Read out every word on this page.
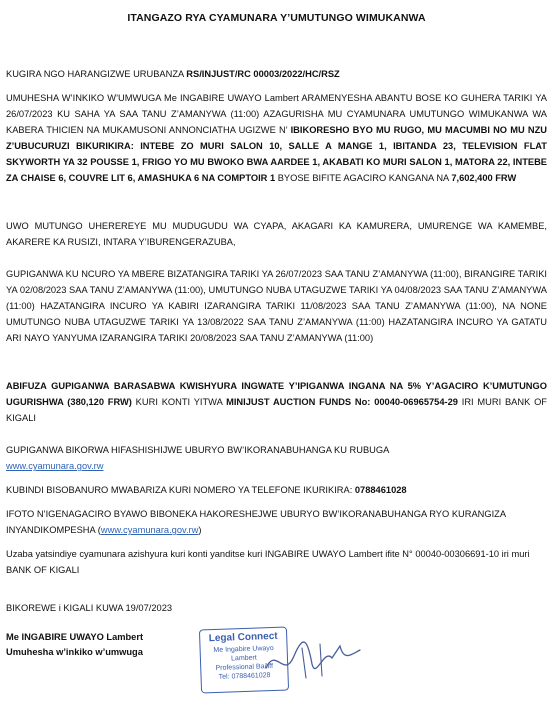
ITANGAZO RYA CYAMUNARA Y’UMUTUNGO WIMUKANWA

KUGIRA NGO HARANGIZWE URUBANZA RS/INJUST/RC 00003/2022/HC/RSZ

UMUHESHA W’INKIKO W’UMWUGA Me INGABIRE UWAYO Lambert ARAMENYESHA ABANTU BOSE KO GUHERA TARIKI YA 26/07/2023 KU SAHA YA SAA TANU Z’AMANYWA (11:00) AZAGURISHA MU CYAMUNARA UMUTUNGO WIMUKANWA WA KABERA THICIEN NA MUKAMUSONI ANNONCIATHA UGIZWE N’ IBIKORESHO BYO MU RUGO, MU MACUMBI NO MU NZU Z’UBUCURUZI BIKURIKIRA: INTEBE ZO MURI SALON 10, SALLE A MANGE 1, IBITANDA 23, TELEVISION FLAT SKYWORTH YA 32 POUSSE 1, FRIGO YO MU BWOKO BWA AARDEE 1, AKABATI KO MURI SALON 1, MATORA 22, INTEBE ZA CHAISE 6, COUVRE LIT 6, AMASHUKA 6 NA COMPTOIR 1 BYOSE BIFITE AGACIRO KANGANA NA 7,602,400 FRW

UWO MUTUNGO UHEREREYE MU MUDUGUDU WA CYAPA, AKAGARI KA KAMURERA, UMURENGE WA KAMEMBE, AKARERE KA RUSIZI, INTARA Y’IBURENGERAZUBA,

GUPIGANWA KU NCURO YA MBERE BIZATANGIRA TARIKI YA 26/07/2023 SAA TANU Z’AMANYWA (11:00), BIRANGIRE TARIKI YA 02/08/2023 SAA TANU Z’AMANYWA (11:00), UMUTUNGO NUBA UTAGUZWE TARIKI YA 04/08/2023 SAA TANU Z’AMANYWA (11:00) HAZATANGIRA INCURO YA KABIRI IZARANGIRA TARIKI 11/08/2023 SAA TANU Z’AMANYWA (11:00), NA NONE UMUTUNGO NUBA UTAGUZWE TARIKI YA 13/08/2022 SAA TANU Z’AMANYWA (11:00) HAZATANGIRA INCURO YA GATATU ARI NAYO YANYUMA IZARANGIRA TARIKI 20/08/2023 SAA TANU Z’AMANYWA (11:00)

ABIFUZA GUPIGANWA BARASABWA KWISHYURA INGWATE Y’IPIGANWA INGANA NA 5% Y’AGACIRO K’UMUTUNGO UGURISHWA (380,120 FRW) KURI KONTI YITWA MINIJUST AUCTION FUNDS No: 00040-06965754-29 IRI MURI BANK OF KIGALI

GUPIGANWA BIKORWA HIFASHISHIJWE UBURYO BW’IKORANABUHANGA KU RUBUGA
www.cyamunara.gov.rw

KUBINDI BISOBANURO MWABARIZA KURI NOMERO YA TELEFONE IKURIKIRA: 0788461028

IFOTO N’IGENAGACIRO BYAWO BIBONEKA HAKORESHEJWE UBURYO BW’IKORANABUHANGA RYO KURANGIZA INYANDIKOMPESHA (www.cyamunara.gov.rw)

Uzaba yatsindiye cyamunara azishyura kuri konti yanditse kuri INGABIRE UWAYO Lambert ifite N° 00040-00306691-10 iri muri BANK OF KIGALI

BIKOREWE i KIGALI KUWA 19/07/2023

Me INGABIRE UWAYO Lambert
Umuhesha w’inkiko w’umwuga
Legal Connect
Me Ingabire Uwayo Lambert
Professional Bailiff
Tel: 0788461028
